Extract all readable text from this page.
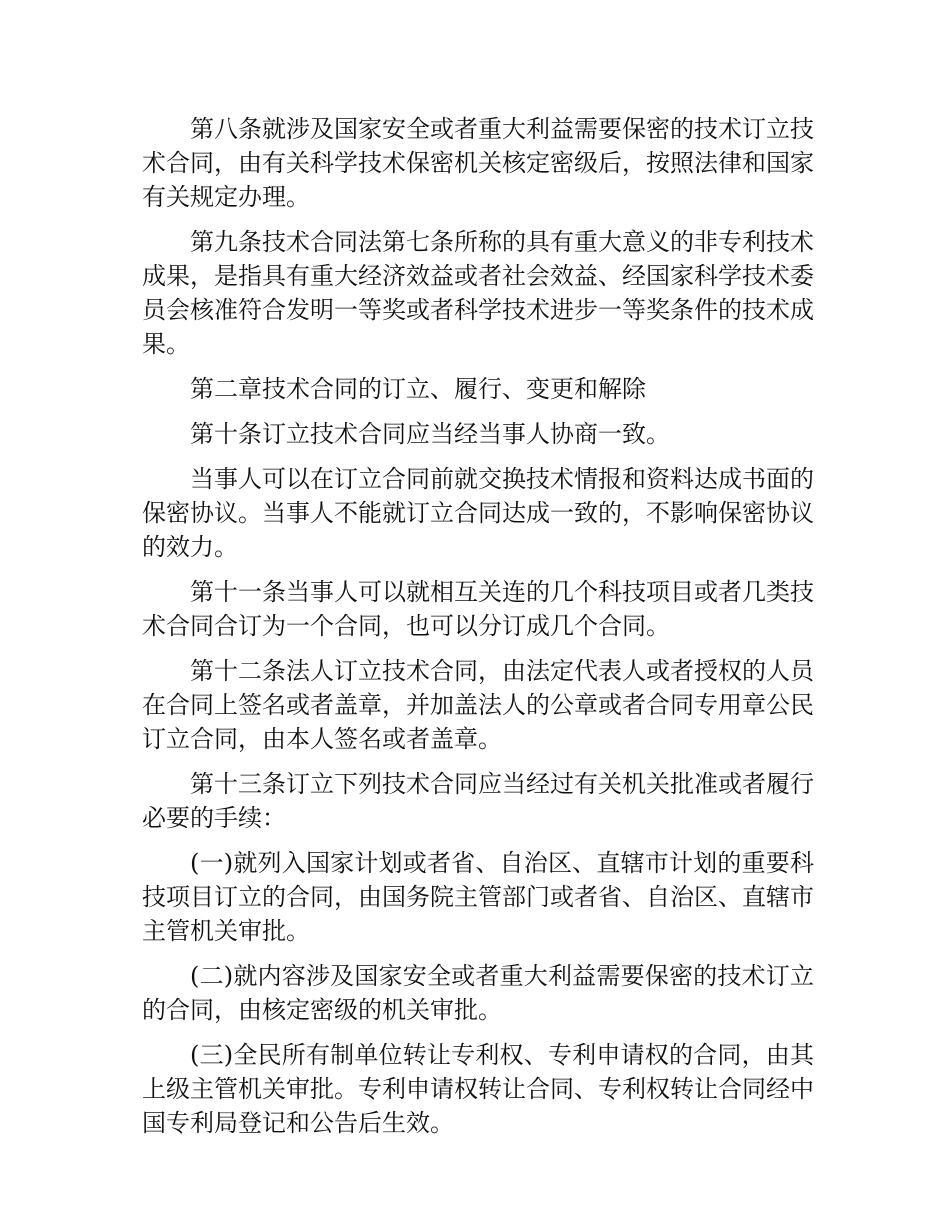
第八条就涉及国家安全或者重大利益需要保密的技术订立技术合同，由有关科学技术保密机关核定密级后，按照法律和国家有关规定办理。

第九条技术合同法第七条所称的具有重大意义的非专利技术成果，是指具有重大经济效益或者社会效益、经国家科学技术委员会核准符合发明一等奖或者科学技术进步一等奖条件的技术成果。

第二章技术合同的订立、履行、变更和解除

第十条订立技术合同应当经当事人协商一致。

当事人可以在订立合同前就交换技术情报和资料达成书面的保密协议。当事人不能就订立合同达成一致的，不影响保密协议的效力。

第十一条当事人可以就相互关连的几个科技项目或者几类技术合同合订为一个合同，也可以分订成几个合同。

第十二条法人订立技术合同，由法定代表人或者授权的人员在合同上签名或者盖章，并加盖法人的公章或者合同专用章公民订立合同，由本人签名或者盖章。

第十三条订立下列技术合同应当经过有关机关批准或者履行必要的手续：

(一)就列入国家计划或者省、自治区、直辖市计划的重要科技项目订立的合同，由国务院主管部门或者省、自治区、直辖市主管机关审批。

(二)就内容涉及国家安全或者重大利益需要保密的技术订立的合同，由核定密级的机关审批。

(三)全民所有制单位转让专利权、专利申请权的合同，由其上级主管机关审批。专利申请权转让合同、专利权转让合同经中国专利局登记和公告后生效。
